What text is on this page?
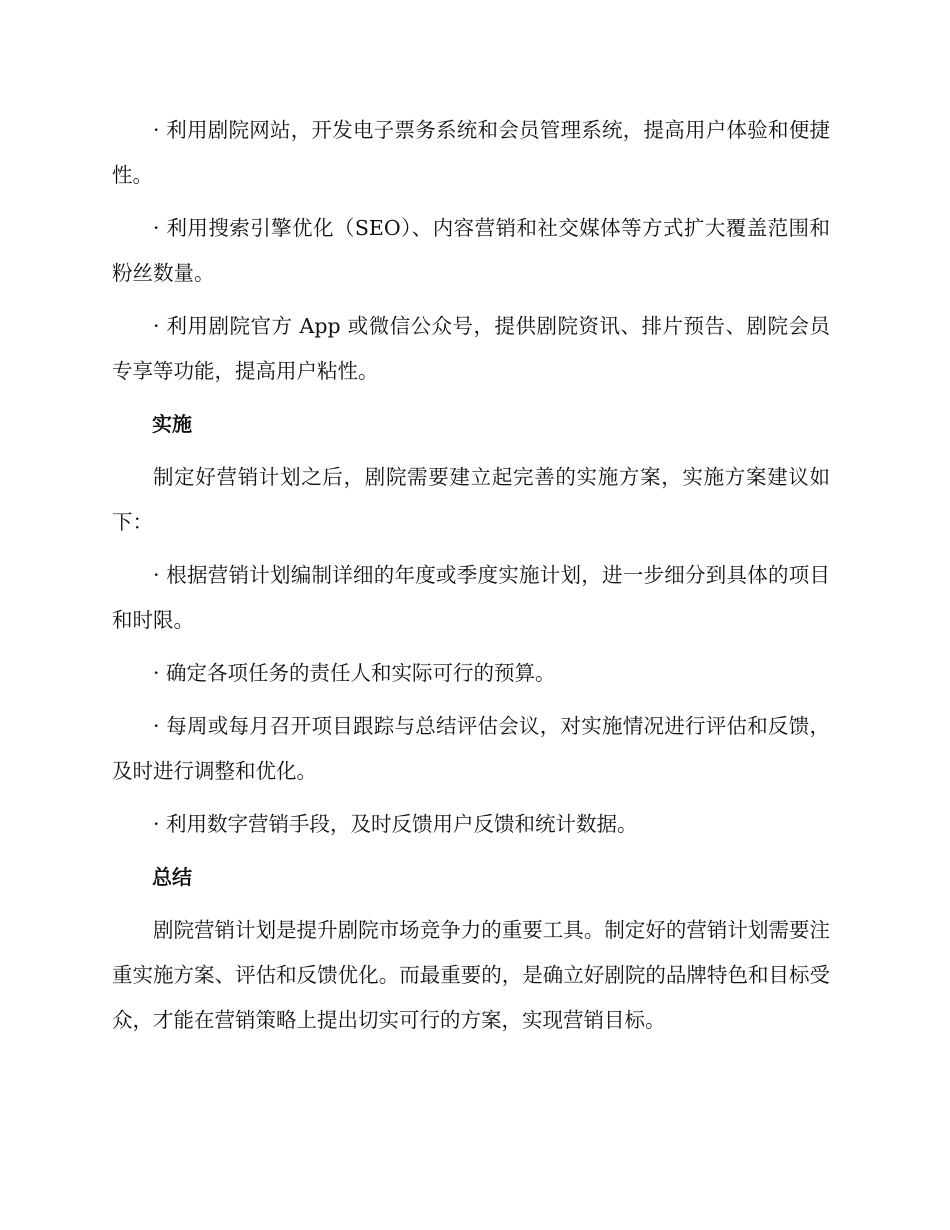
· 利用剧院网站，开发电子票务系统和会员管理系统，提高用户体验和便捷性。

· 利用搜索引擎优化（SEO）、内容营销和社交媒体等方式扩大覆盖范围和粉丝数量。

· 利用剧院官方 App 或微信公众号，提供剧院资讯、排片预告、剧院会员专享等功能，提高用户粘性。

实施

制定好营销计划之后，剧院需要建立起完善的实施方案，实施方案建议如下：

· 根据营销计划编制详细的年度或季度实施计划，进一步细分到具体的项目和时限。

· 确定各项任务的责任人和实际可行的预算。

· 每周或每月召开项目跟踪与总结评估会议，对实施情况进行评估和反馈，及时进行调整和优化。

· 利用数字营销手段，及时反馈用户反馈和统计数据。

总结

剧院营销计划是提升剧院市场竞争力的重要工具。制定好的营销计划需要注重实施方案、评估和反馈优化。而最重要的，是确立好剧院的品牌特色和目标受众，才能在营销策略上提出切实可行的方案，实现营销目标。
